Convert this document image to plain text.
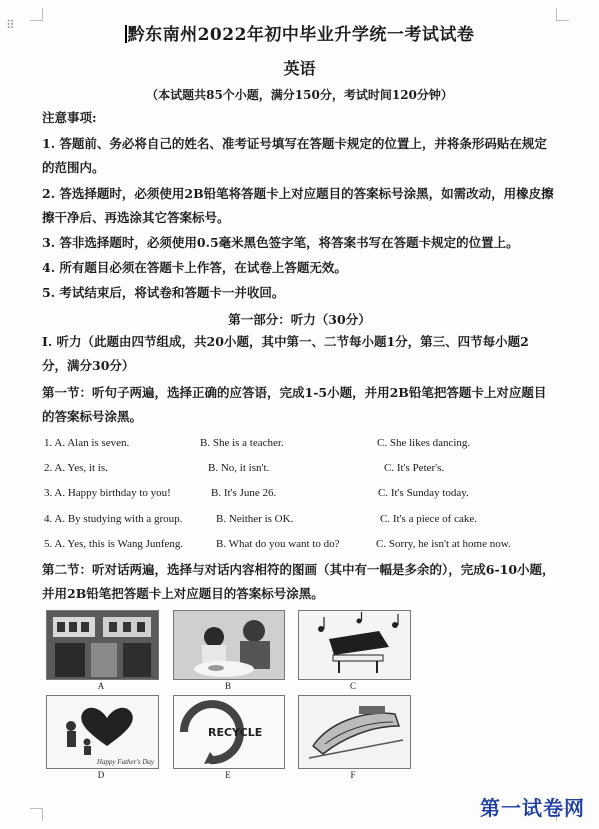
⠿	黔东南州2022年初中毕业升学统一考试试卷
英语
（本试题共85个小题，满分150分，考试时间120分钟）
注意事项:
1. 答题前、务必将自己的姓名、准考证号填写在答题卡规定的位置上，并将条形码贴在规定
的范围内。
2. 答选择题时，必须使用2B铅笔将答题卡上对应题目的答案标号涂黑，如需改动，用橡皮擦
擦干净后、再选涂其它答案标号。
3. 答非选择题时，必须使用0.5毫米黑色签字笔，将答案书写在答题卡规定的位置上。
4. 所有题目必须在答题卡上作答，在试卷上答题无效。
5. 考试结束后，将试卷和答题卡一并收回。
第一部分：听力（30分）
Ⅰ. 听力（此题由四节组成，共20小题，其中第一、二节每小题1分，第三、四节每小题2
分，满分30分）
第一节：听句子两遍，选择正确的应答语，完成1-5小题，并用2B铅笔把答题卡上对应题目
的答案标号涂黑。
1. A. Alan is seven.	B. She is a teacher.	C. She likes dancing.
2. A. Yes, it is.	B. No, it isn't.	C. It's Peter's.
3. A. Happy birthday to you!	B. It's June 26.	C. It's Sunday today.
4. A. By studying with a group.	B. Neither is OK.	C. It's a piece of cake.
5. A. Yes, this is Wang Junfeng.	B. What do you want to do?	C. Sorry, he isn't at home now.
第二节：听对话两遍，选择与对话内容相符的图画（其中有一幅是多余的），完成6-10小题，
并用2B铅笔把答题卡上对应题目的答案标号涂黑。
A	B	C
Happy Father's Day
D
RECYCLE
E	F
第一试卷网
